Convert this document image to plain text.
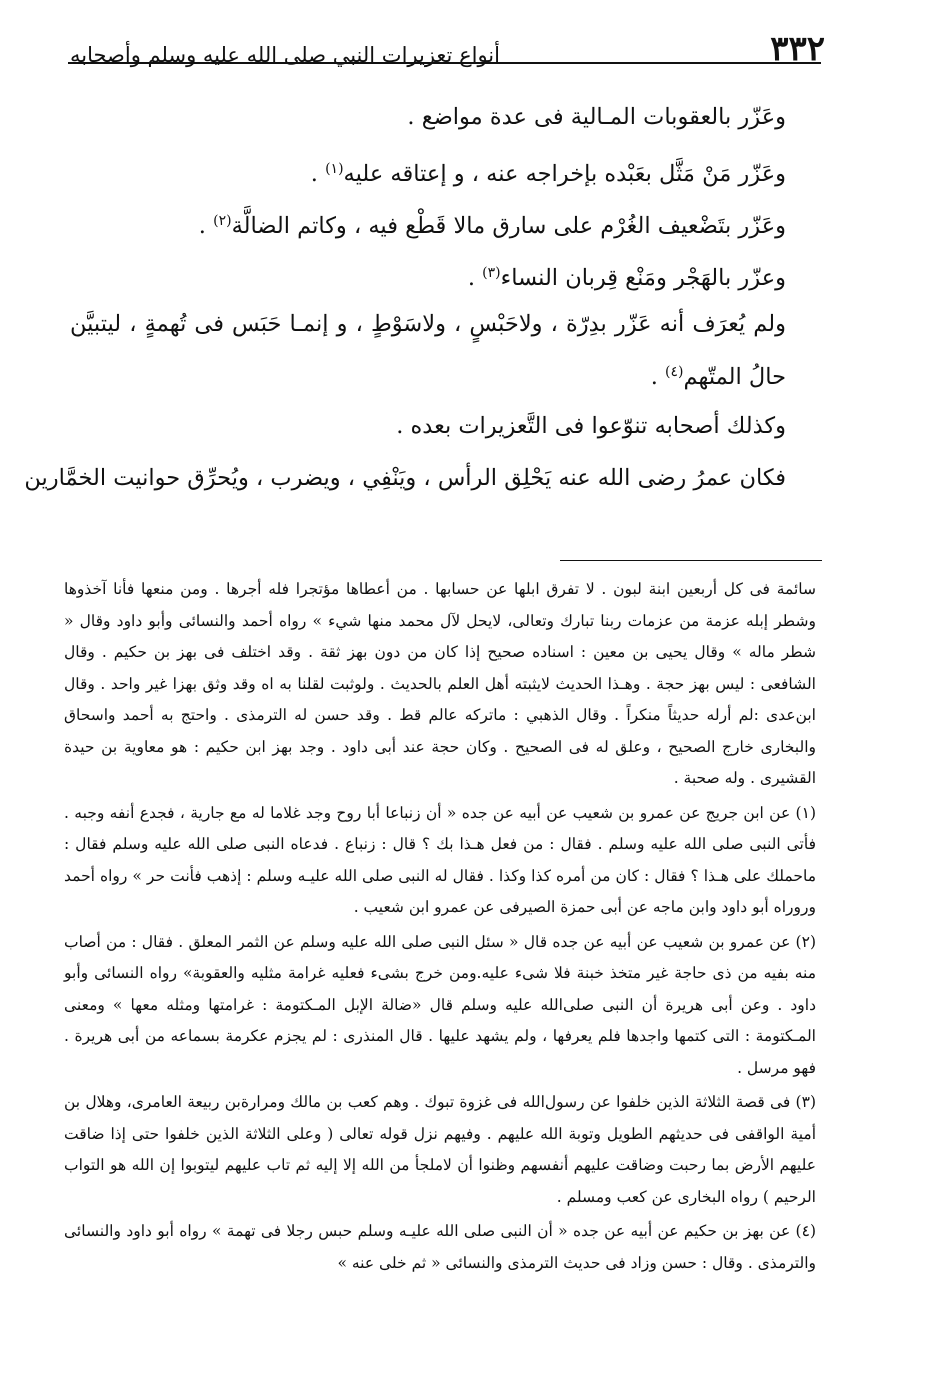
٣٣٢
أنواع تعزيرات النبي صلى الله عليه وسلم وأصحابه
وعَزّر بالعقوبات المـالية فى عدة مواضع .
وعَزّر مَنْ مَثَّل بعَبْده بإخراجه عنه ، و إعتاقه عليه$^{(١)}$ .
وعَزّر بتَضْعيف الغُرْم على سارق مالا قَطْع فيه ، وكاتم الضالَّة$^{(٢)}$ .
وعزّر بالهَجْر ومَنْع قِربان النساء$^{(٣)}$ .
ولم يُعرَف أنه عَزّر بدِرّة ، ولاحَبْسٍ ، ولاسَوْطٍ ، و إنمـا حَبَس فى تُهمةٍ ، ليتبيَّن حالُ المتّهم$^{(٤)}$ .
وكذلك أصحابه تنوّعوا فى التَّعزيرات بعده .
فكان عمرُ رضى الله عنه يَحْلِق الرأس ، ويَنْفِي ، ويضرب ، ويُحرِّق حوانيت الخمَّارين

سائمة فى كل أربعين ابنة لبون . لا تفرق ابلها عن حسابها . من أعطاها مؤتجرا فله أجرها . ومن منعها فأنا آخذوها وشطر إبله عزمة من عزمات ربنا تبارك وتعالى، لايحل لآل محمد منها شيء » رواه أحمد والنسائى وأبو داود وقال « شطر ماله » وقال يحيى بن معين : اسناده صحيح إذا كان من دون بهز ثقة . وقد اختلف فى بهز بن حكيم . وقال الشافعى : ليس بهز حجة . وهـذا الحديث لايثبته أهل العلم بالحديث . ولوثبت لقلنا به اه وقد وثق بهزا غير واحد . وقال ابن‌عدى :لم أرله حديثاً منكراً . وقال الذهبي : ماتركه عالم قط . وقد حسن له الترمذى . واحتج به أحمد واسحاق والبخارى خارج الصحيح ، وعلق له فى الصحيح . وكان حجة عند أبى داود . وجد بهز ابن حكيم : هو معاوية بن حيدة القشيرى . وله صحبة .

(١) عن ابن جريج عن عمرو بن شعيب عن أبيه عن جده « أن زنباعا أبا روح وجد غلاما له مع جارية ، فجدع أنفه وجبه . فأتى النبى صلى الله عليه وسلم . فقال : من فعل هـذا بك ؟ قال : زنباع . فدعاه النبى صلى الله عليه وسلم فقال : ماحملك على هـذا ؟ فقال : كان من أمره كذا وكذا . فقال له النبى صلى الله عليـه وسلم : إذهب فأنت حر » رواه أحمد وروراه أبو داود وابن ماجه عن أبى حمزة الصيرفى عن عمرو ابن شعيب .

(٢) عن عمرو بن شعيب عن أبيه عن جده قال « سئل النبى صلى الله عليه وسلم عن الثمر المعلق . فقال : من أصاب منه بفيه من ذى حاجة غير متخذ خبنة فلا شىء عليه.ومن خرج بشىء فعليه غرامة مثليه والعقوبة» رواه النسائى وأبو داود . وعن أبى هريرة أن النبى صلى‌الله عليه وسلم قال «ضالة الإبل المـكتومة : غرامتها ومثله معها » ومعنى المـكتومة : التى كتمها واجدها فلم يعرفها ، ولم يشهد عليها . قال المنذرى : لم يجزم عكرمة بسماعه من أبى هريرة . فهو مرسل .

(٣) فى قصة الثلاثة الذين خلفوا عن رسول‌الله فى غزوة تبوك . وهم كعب بن مالك ومرارة‌بن ربيعة العامرى، وهلال بن أمية الواقفى فى حديثهم الطويل وتوبة الله عليهم . وفيهم نزل قوله تعالى ( وعلى الثلاثة الذين خلفوا حتى إذا ضاقت عليهم الأرض بما رحبت وضاقت عليهم أنفسهم وظنوا أن لاملجأ من الله إلا إليه ثم تاب عليهم ليتوبوا إن الله هو التواب الرحيم ) رواه البخارى عن كعب ومسلم .

(٤) عن بهز بن حكيم عن أبيه عن جده « أن النبى صلى الله عليـه وسلم حبس رجلا فى تهمة » رواه أبو داود والنسائى والترمذى . وقال : حسن وزاد فى حديث الترمذى والنسائى « ثم خلى عنه »
